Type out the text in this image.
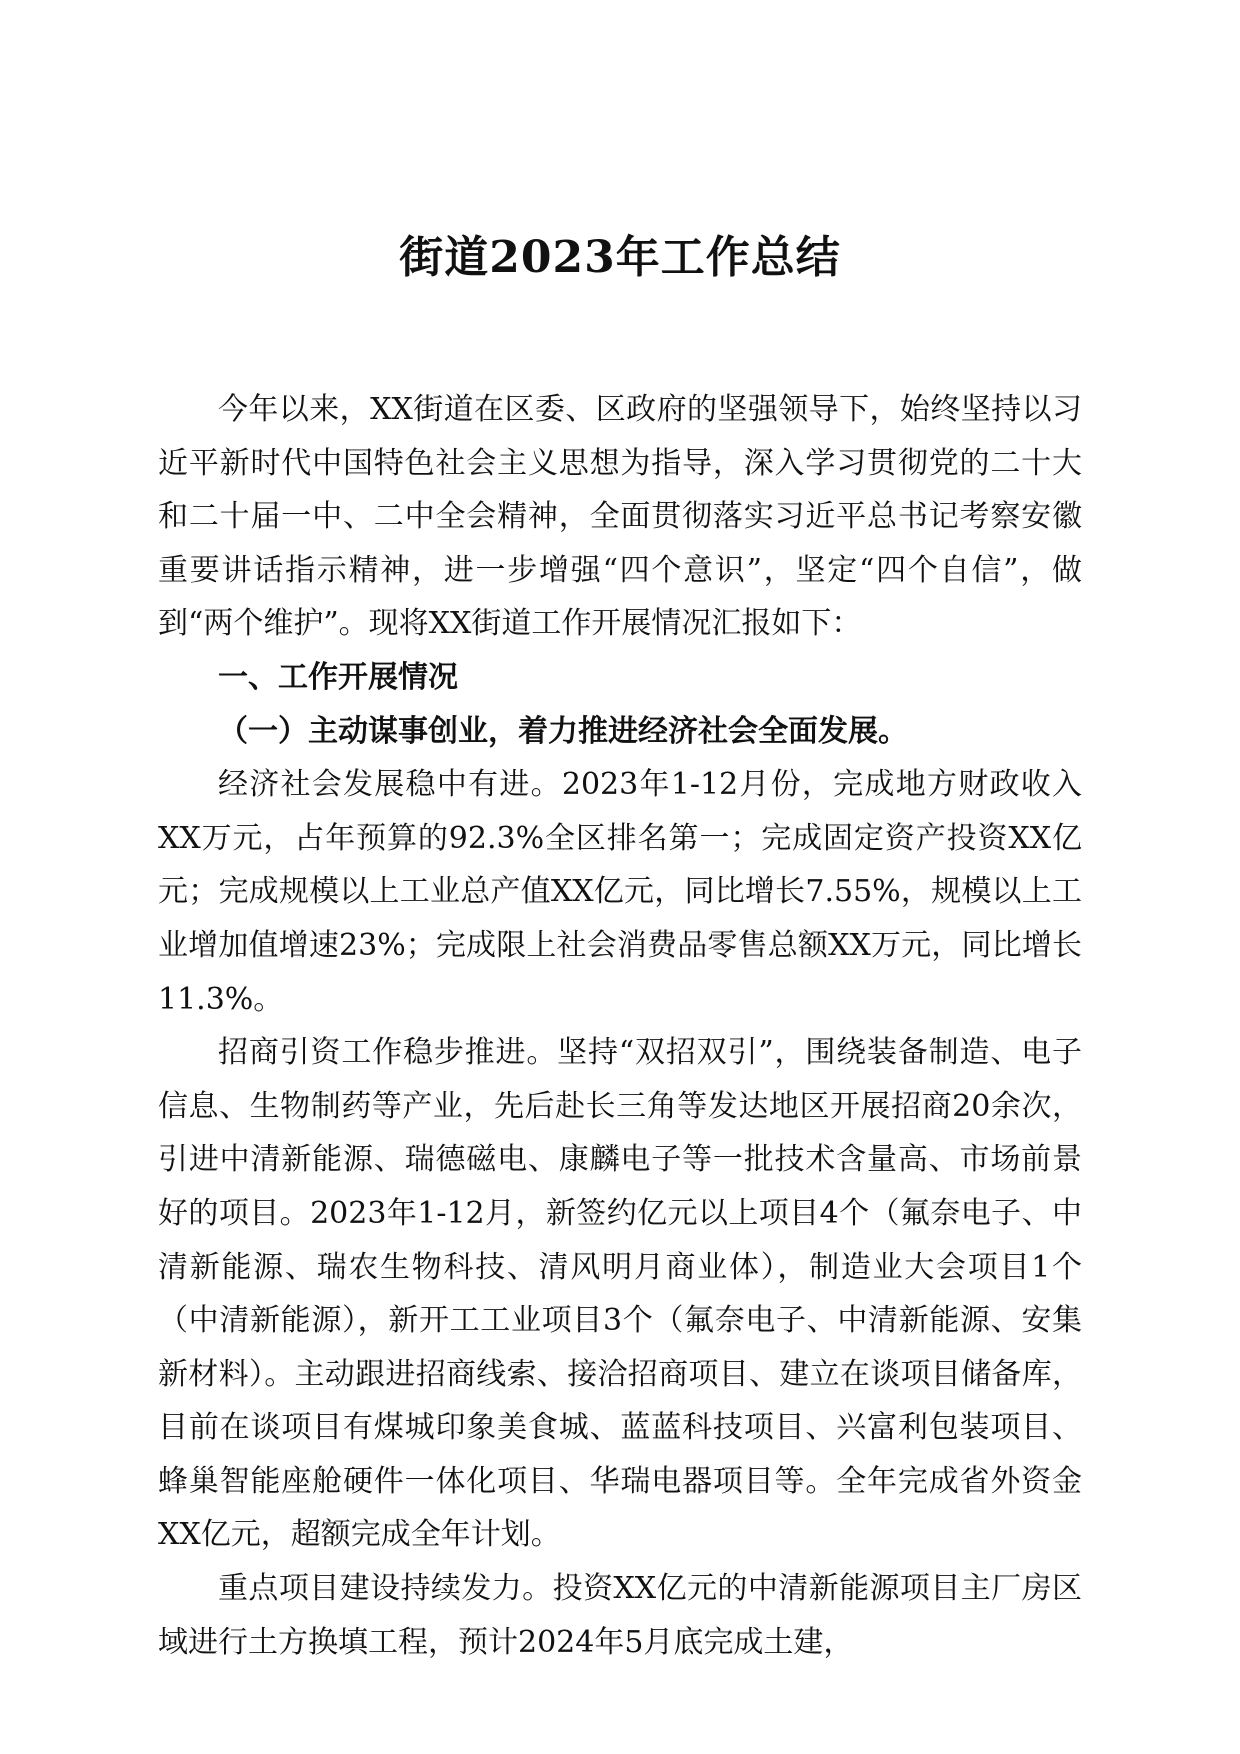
街道2023年工作总结

今年以来，XX街道在区委、区政府的坚强领导下，始终坚持以习近平新时代中国特色社会主义思想为指导，深入学习贯彻党的二十大和二十届一中、二中全会精神，全面贯彻落实习近平总书记考察安徽重要讲话指示精神，进一步增强“四个意识”，坚定“四个自信”，做到“两个维护”。现将XX街道工作开展情况汇报如下：

一、工作开展情况

（一）主动谋事创业，着力推进经济社会全面发展。

经济社会发展稳中有进。2023年1-12月份，完成地方财政收入XX万元，占年预算的92.3%全区排名第一；完成固定资产投资XX亿元；完成规模以上工业总产值XX亿元，同比增长7.55%，规模以上工业增加值增速23%；完成限上社会消费品零售总额XX万元，同比增长11.3%。

招商引资工作稳步推进。坚持“双招双引”，围绕装备制造、电子信息、生物制药等产业，先后赴长三角等发达地区开展招商20余次，引进中清新能源、瑞德磁电、康麟电子等一批技术含量高、市场前景好的项目。2023年1-12月，新签约亿元以上项目4个（氟奈电子、中清新能源、瑞农生物科技、清风明月商业体），制造业大会项目1个（中清新能源），新开工工业项目3个（氟奈电子、中清新能源、安集新材料）。主动跟进招商线索、接洽招商项目、建立在谈项目储备库，目前在谈项目有煤城印象美食城、蓝蓝科技项目、兴富利包装项目、蜂巢智能座舱硬件一体化项目、华瑞电器项目等。全年完成省外资金XX亿元，超额完成全年计划。

重点项目建设持续发力。投资XX亿元的中清新能源项目主厂房区域进行土方换填工程，预计2024年5月底完成土建，
